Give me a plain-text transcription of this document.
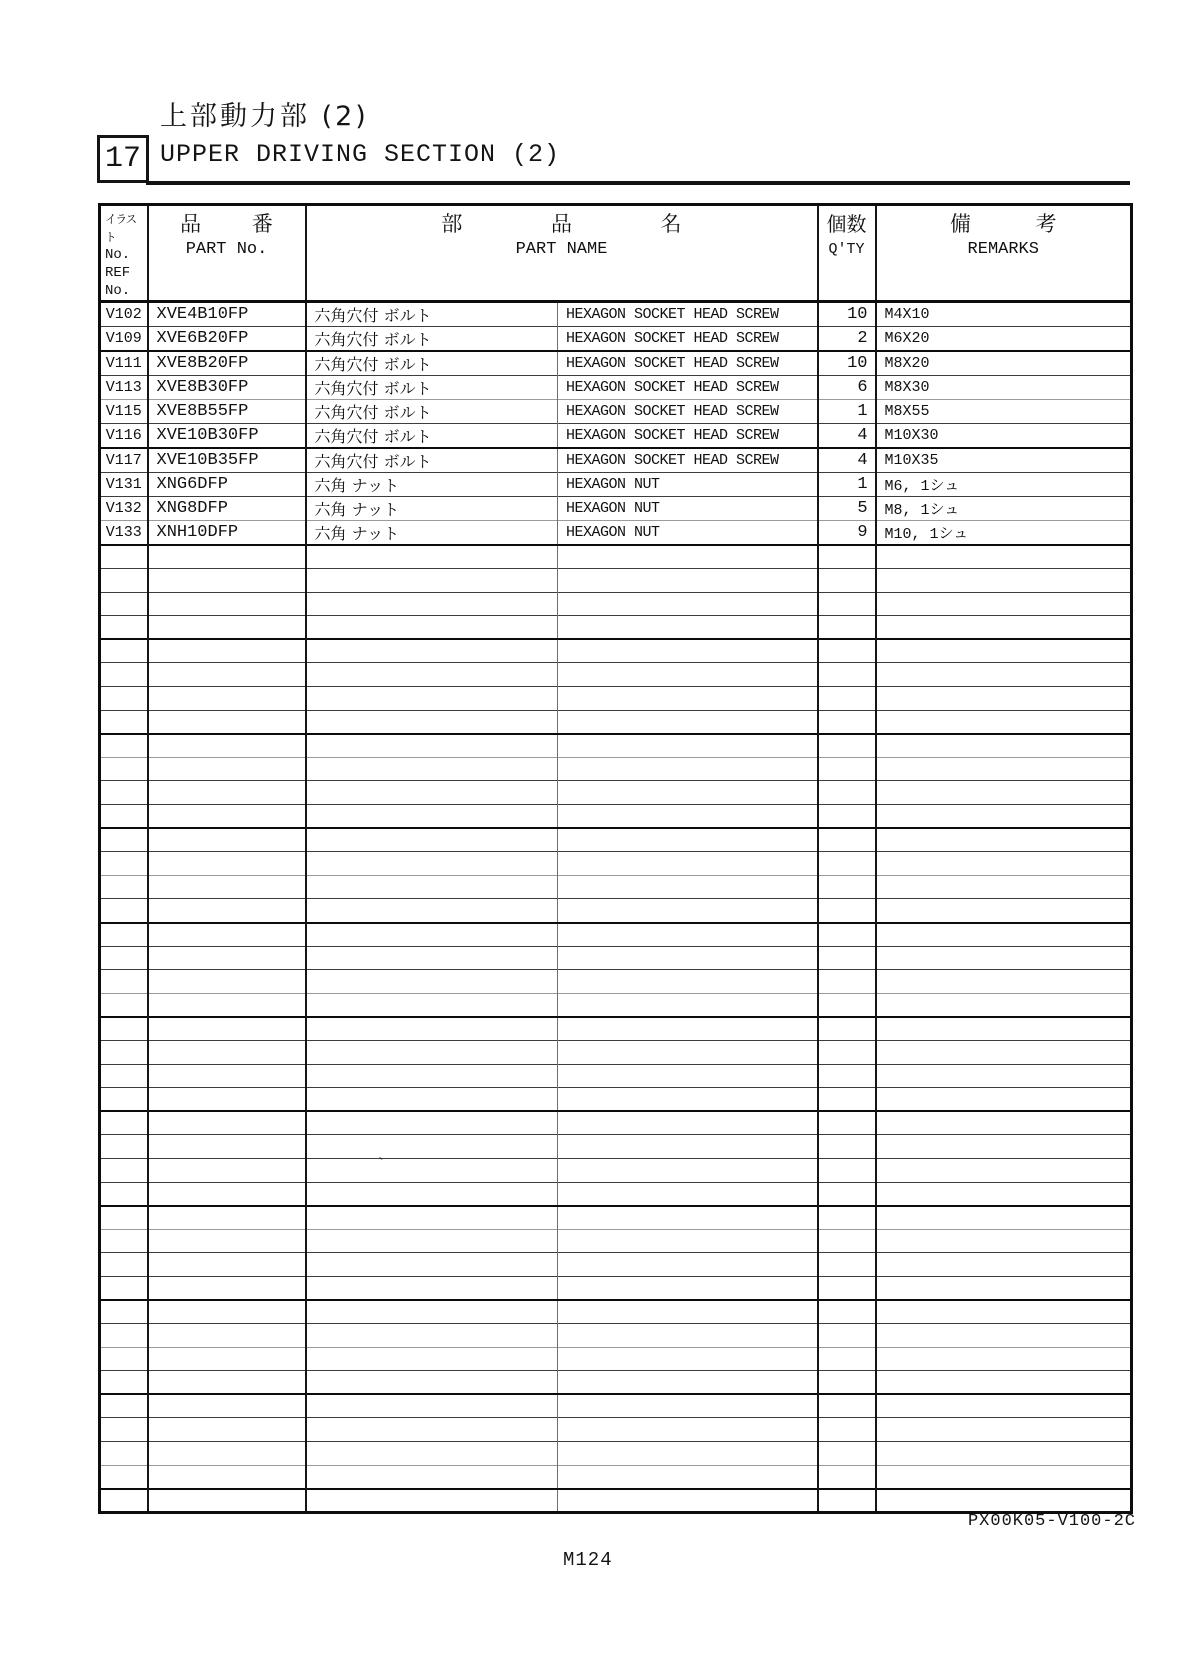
上部動力部 (2)
17 UPPER DRIVING SECTION (2)
イラスト
No.
REF
No.

品 番
PART No.

部 品 名
PART NAME

個数
Q'TY

備 考
REMARKS

V102	XVE4B10FP	六角穴付 ボルト	HEXAGON SOCKET HEAD SCREW	10	M4X10
V109	XVE6B20FP	六角穴付 ボルト	HEXAGON SOCKET HEAD SCREW	2	M6X20
V111	XVE8B20FP	六角穴付 ボルト	HEXAGON SOCKET HEAD SCREW	10	M8X20
V113	XVE8B30FP	六角穴付 ボルト	HEXAGON SOCKET HEAD SCREW	6	M8X30
V115	XVE8B55FP	六角穴付 ボルト	HEXAGON SOCKET HEAD SCREW	1	M8X55
V116	XVE10B30FP	六角穴付 ボルト	HEXAGON SOCKET HEAD SCREW	4	M10X30
V117	XVE10B35FP	六角穴付 ボルト	HEXAGON SOCKET HEAD SCREW	4	M10X35
V131	XNG6DFP	六角 ナット	HEXAGON NUT	1	M6, 1シュ
V132	XNG8DFP	六角 ナット	HEXAGON NUT	5	M8, 1シュ
V133	XNH10DFP	六角 ナット	HEXAGON NUT	9	M10, 1シュ

`
PX00K05-V100-2C
M124
